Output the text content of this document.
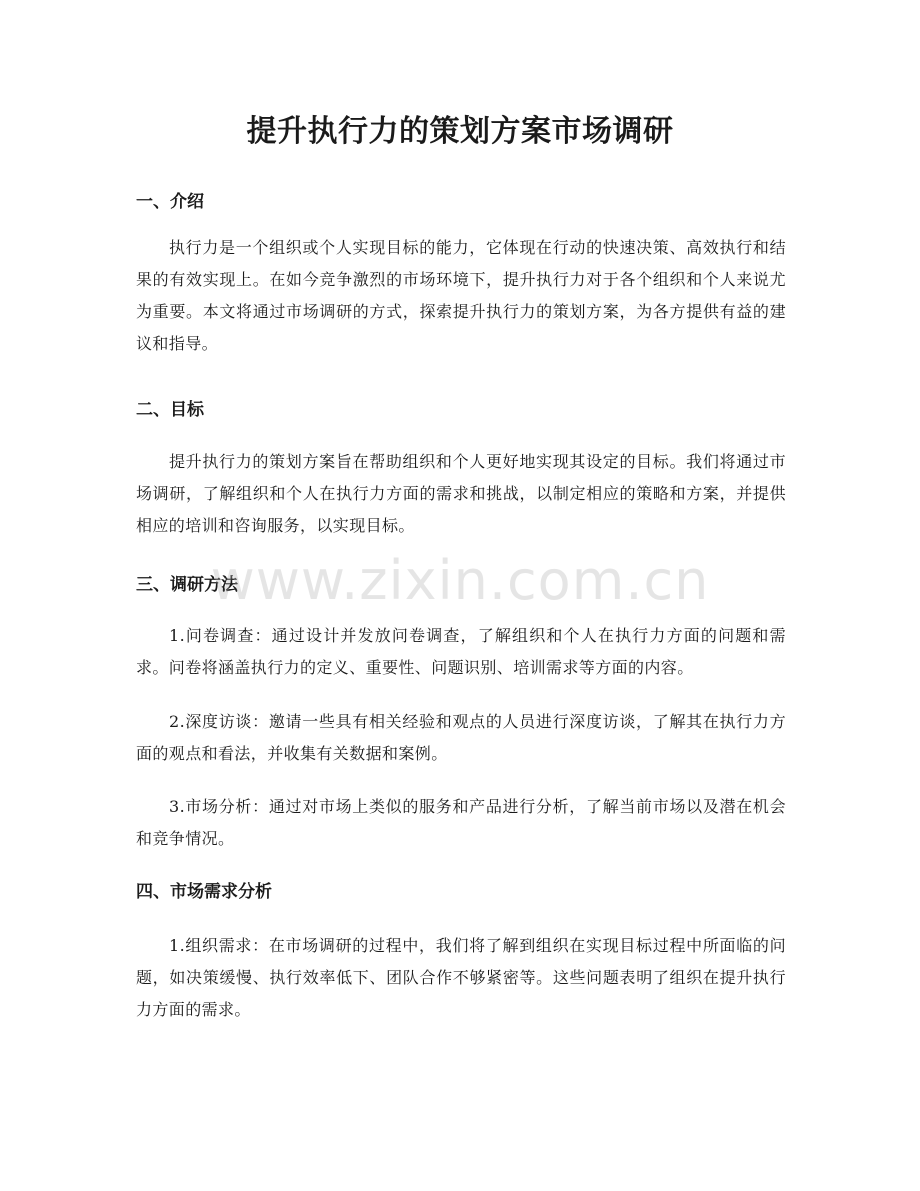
提升执行力的策划方案市场调研
一、介绍

执行力是一个组织或个人实现目标的能力，它体现在行动的快速决策、高效执行和结果的有效实现上。在如今竞争激烈的市场环境下，提升执行力对于各个组织和个人来说尤为重要。本文将通过市场调研的方式，探索提升执行力的策划方案，为各方提供有益的建议和指导。

二、目标

提升执行力的策划方案旨在帮助组织和个人更好地实现其设定的目标。我们将通过市场调研，了解组织和个人在执行力方面的需求和挑战，以制定相应的策略和方案，并提供相应的培训和咨询服务，以实现目标。

三、调研方法

1.问卷调查：通过设计并发放问卷调查，了解组织和个人在执行力方面的问题和需求。问卷将涵盖执行力的定义、重要性、问题识别、培训需求等方面的内容。

2.深度访谈：邀请一些具有相关经验和观点的人员进行深度访谈，了解其在执行力方面的观点和看法，并收集有关数据和案例。

3.市场分析：通过对市场上类似的服务和产品进行分析，了解当前市场以及潜在机会和竞争情况。

四、市场需求分析

1.组织需求：在市场调研的过程中，我们将了解到组织在实现目标过程中所面临的问题，如决策缓慢、执行效率低下、团队合作不够紧密等。这些问题表明了组织在提升执行力方面的需求。

www.zixin.com.cn
